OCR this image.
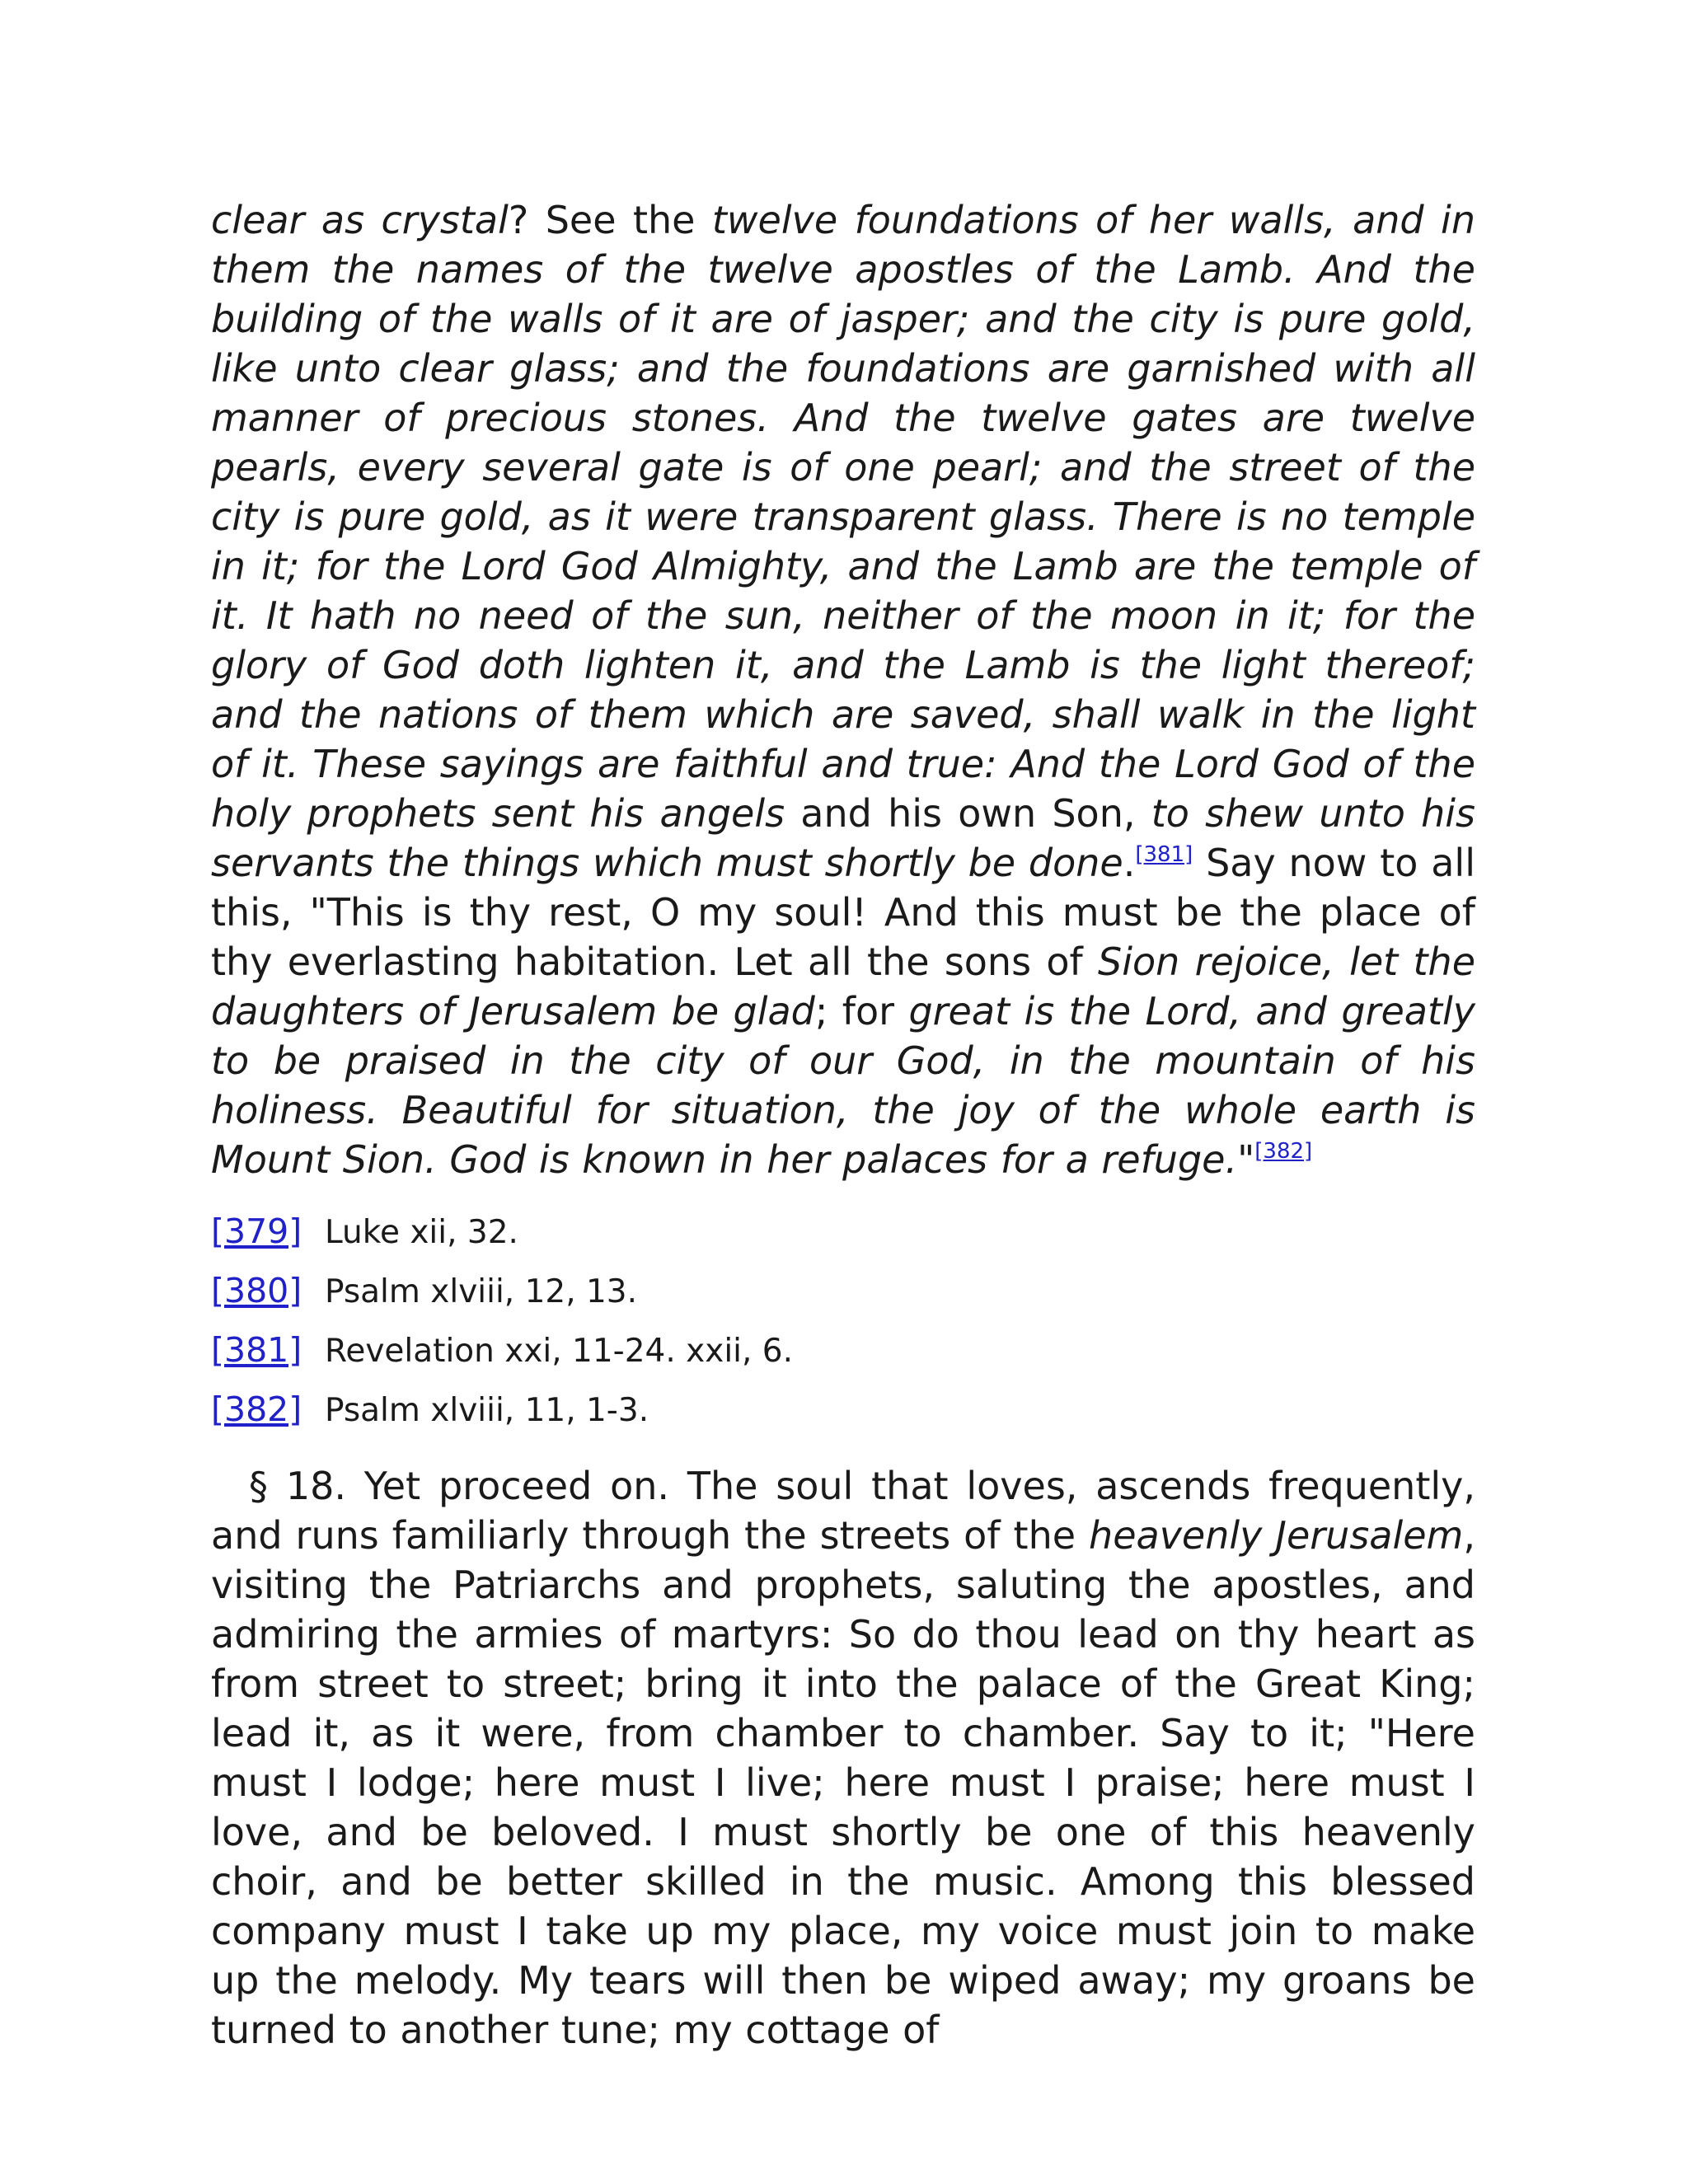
clear as crystal? See the twelve foundations of her walls, and in them the names of the twelve apostles of the Lamb. And the building of the walls of it are of jasper; and the city is pure gold, like unto clear glass; and the foundations are garnished with all manner of precious stones. And the twelve gates are twelve pearls, every several gate is of one pearl; and the street of the city is pure gold, as it were transparent glass. There is no temple in it; for the Lord God Almighty, and the Lamb are the temple of it. It hath no need of the sun, neither of the moon in it; for the glory of God doth lighten it, and the Lamb is the light thereof; and the nations of them which are saved, shall walk in the light of it. These sayings are faithful and true: And the Lord God of the holy prophets sent his angels and his own Son, to shew unto his servants the things which must shortly be done.[381] Say now to all this, "This is thy rest, O my soul! And this must be the place of thy everlasting habitation. Let all the sons of Sion rejoice, let the daughters of Jerusalem be glad; for great is the Lord, and greatly to be praised in the city of our God, in the mountain of his holiness. Beautiful for situation, the joy of the whole earth is Mount Sion. God is known in her palaces for a refuge."[382]

[379] Luke xii, 32.
[380] Psalm xlviii, 12, 13.
[381] Revelation xxi, 11-24. xxii, 6.
[382] Psalm xlviii, 11, 1-3.

§ 18. Yet proceed on. The soul that loves, ascends frequently, and runs familiarly through the streets of the heavenly Jerusalem, visiting the Patriarchs and prophets, saluting the apostles, and admiring the armies of martyrs: So do thou lead on thy heart as from street to street; bring it into the palace of the Great King; lead it, as it were, from chamber to chamber. Say to it; "Here must I lodge; here must I live; here must I praise; here must I love, and be beloved. I must shortly be one of this heavenly choir, and be better skilled in the music. Among this blessed company must I take up my place, my voice must join to make up the melody. My tears will then be wiped away; my groans be turned to another tune; my cottage of
